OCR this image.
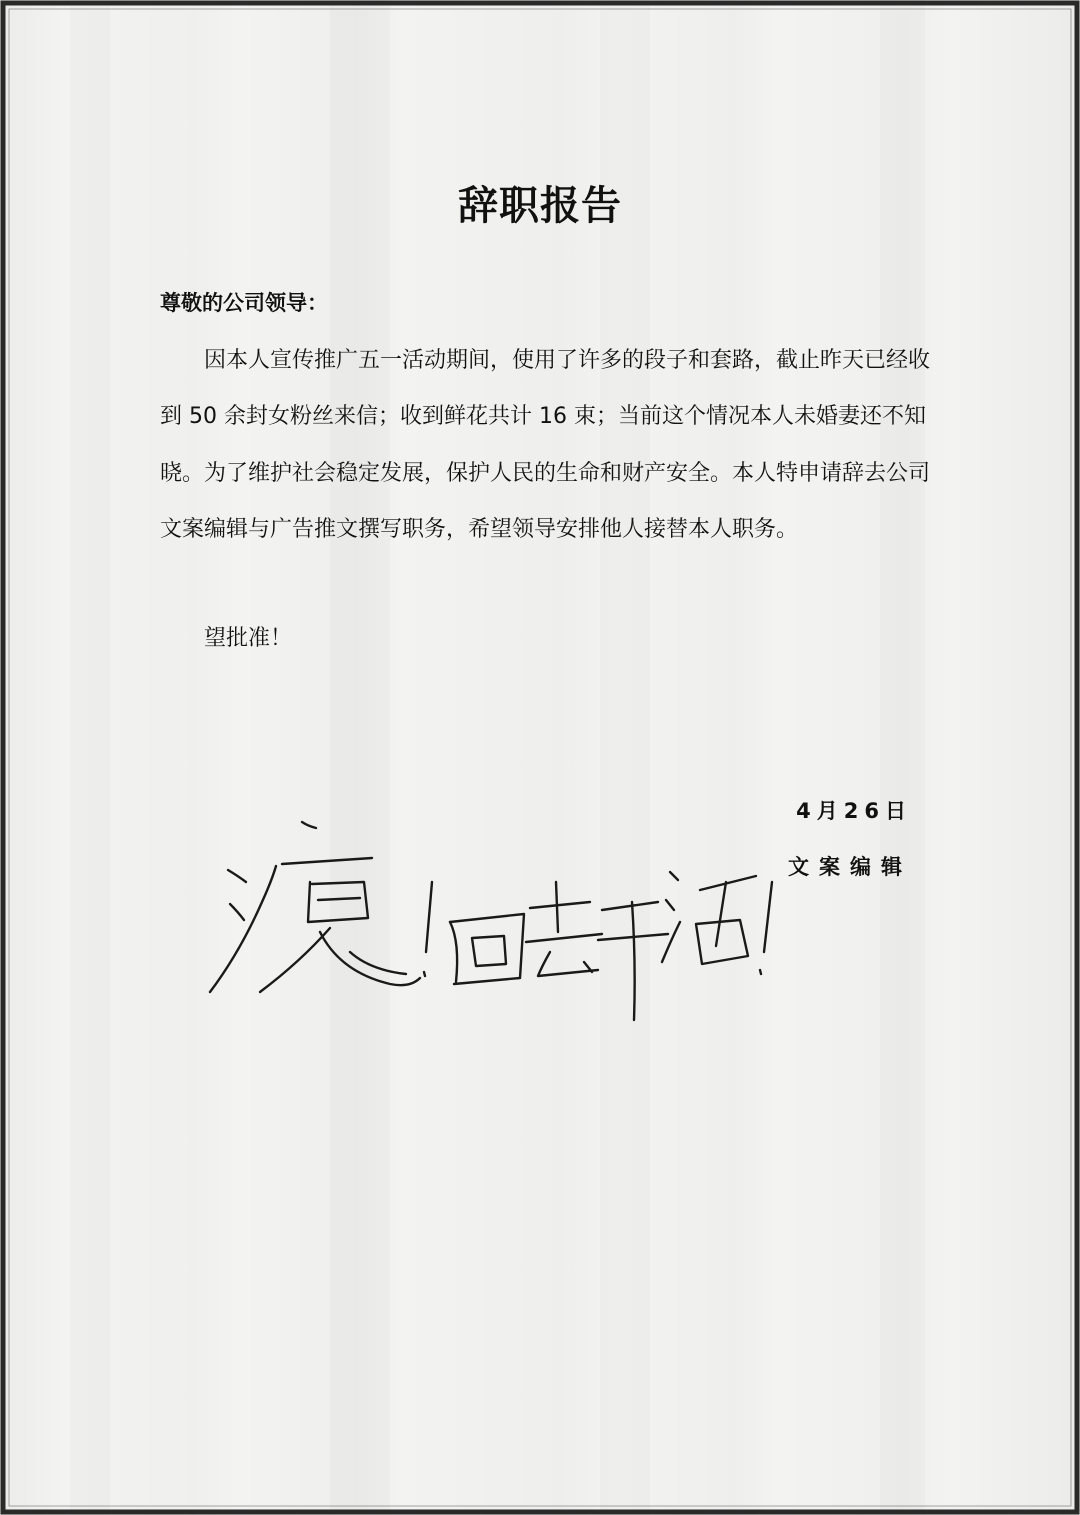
辞职报告
尊敬的公司领导：
因本人宣传推广五一活动期间，使用了许多的段子和套路，截止昨天已经收
到 50 余封女粉丝来信；收到鲜花共计 16 束；当前这个情况本人未婚妻还不知
晓。为了维护社会稳定发展，保护人民的生命和财产安全。本人特申请辞去公司
文案编辑与广告推文撰写职务，希望领导安排他人接替本人职务。
望批准！
4月26日
文案编辑
